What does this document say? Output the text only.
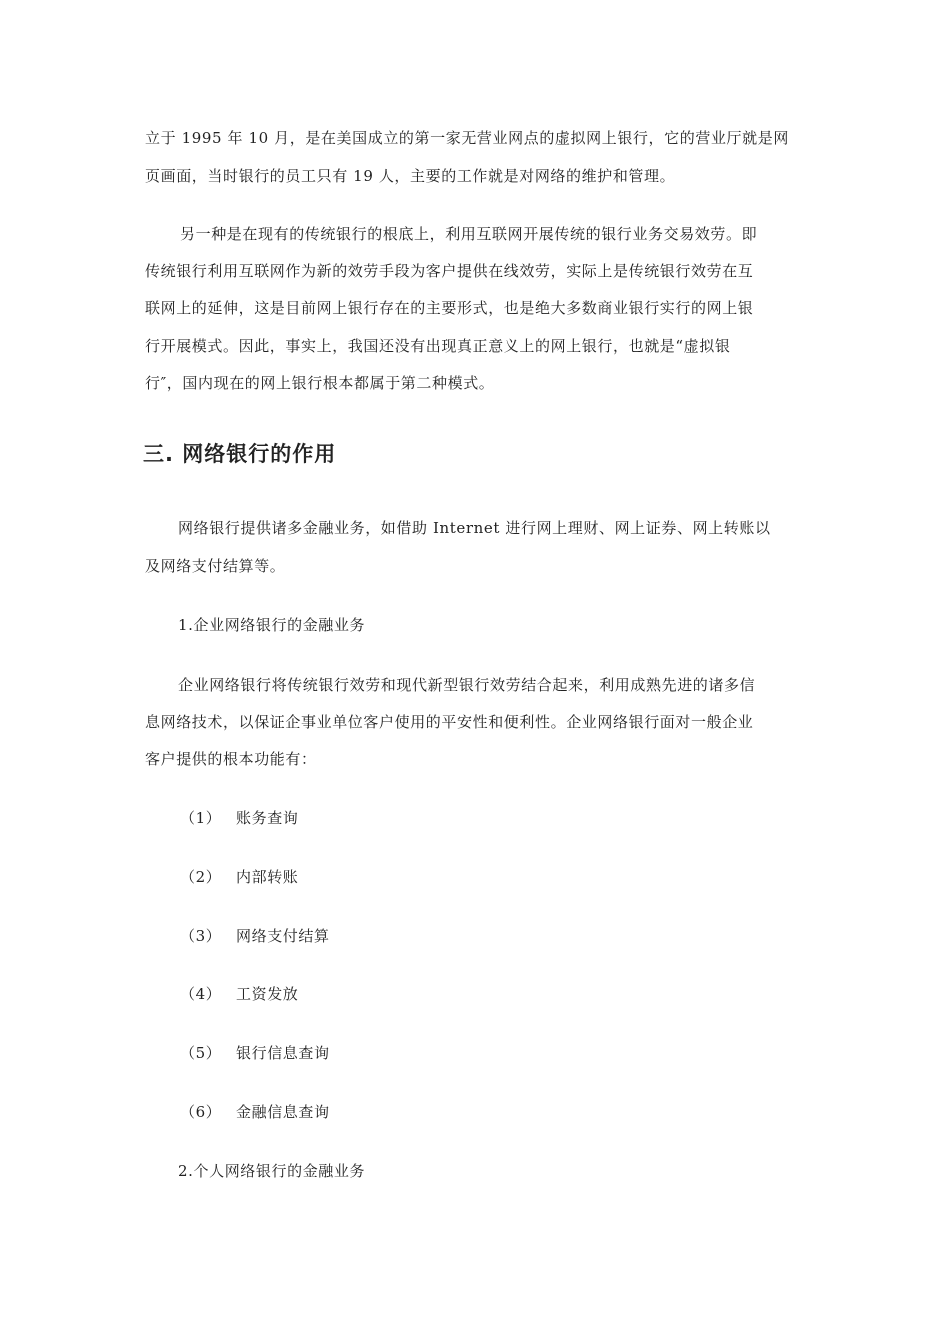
立于 1995 年 10 月，是在美国成立的第一家无营业网点的虚拟网上银行，它的营业厅就是网
页画面，当时银行的员工只有 19 人，主要的工作就是对网络的维护和管理。
另一种是在现有的传统银行的根底上，利用互联网开展传统的银行业务交易效劳。即
传统银行利用互联网作为新的效劳手段为客户提供在线效劳，实际上是传统银行效劳在互
联网上的延伸，这是目前网上银行存在的主要形式，也是绝大多数商业银行实行的网上银
行开展模式。因此，事实上，我国还没有出现真正意义上的网上银行，也就是“虚拟银
行″，国内现在的网上银行根本都属于第二种模式。
三. 网络银行的作用
网络银行提供诸多金融业务，如借助 Internet 进行网上理财、网上证券、网上转账以
及网络支付结算等。
1.企业网络银行的金融业务
企业网络银行将传统银行效劳和现代新型银行效劳结合起来，利用成熟先进的诸多信
息网络技术，以保证企事业单位客户使用的平安性和便利性。企业网络银行面对一般企业
客户提供的根本功能有：
（1） 账务查询
（2） 内部转账
（3） 网络支付结算
（4） 工资发放
（5） 银行信息查询
（6） 金融信息查询
2.个人网络银行的金融业务
